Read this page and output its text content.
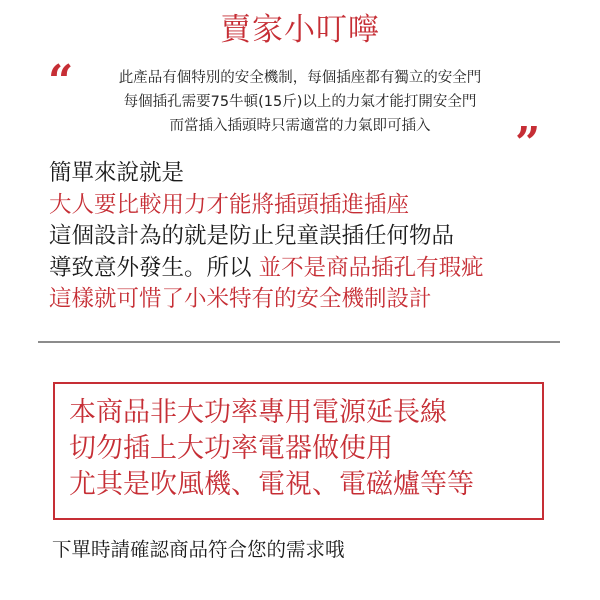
賣家小叮嚀
“	此產品有個特別的安全機制，每個插座都有獨立的安全門
每個插孔需要75牛頓(15斤)以上的力氣才能打開安全門
而當插入插頭時只需適當的力氣即可插入	”
簡單來說就是
大人要比較用力才能將插頭插進插座
這個設計為的就是防止兒童誤插任何物品
導致意外發生。所以 並不是商品插孔有瑕疵
這樣就可惜了小米特有的安全機制設計
本商品非大功率專用電源延長線
切勿插上大功率電器做使用
尤其是吹風機、電視、電磁爐等等
下單時請確認商品符合您的需求哦
